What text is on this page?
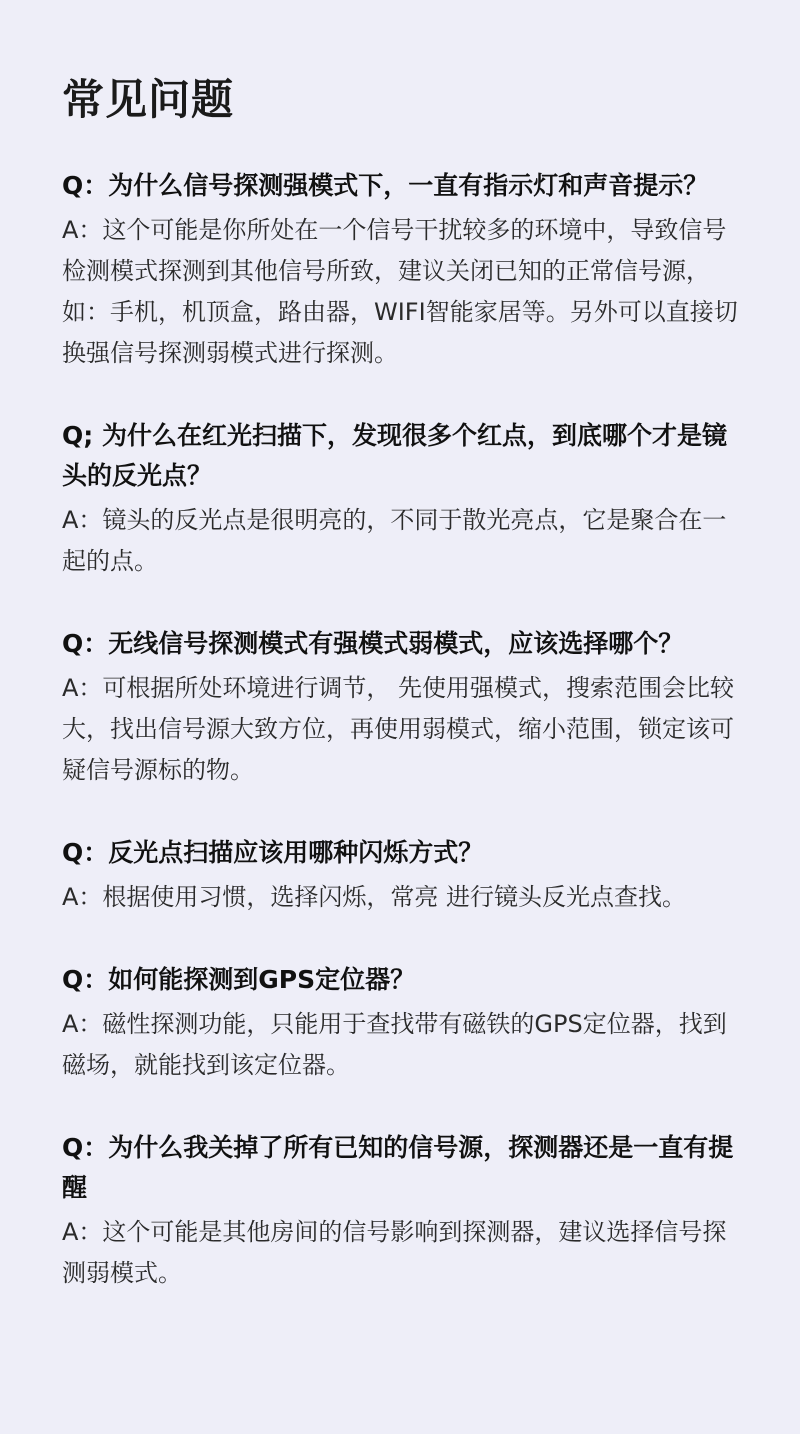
常见问题

Q：为什么信号探测强模式下，一直有指示灯和声音提示？

A：这个可能是你所处在一个信号干扰较多的环境中，导致信号检测模式探测到其他信号所致，建议关闭已知的正常信号源，如：手机，机顶盒，路由器，WIFI智能家居等。另外可以直接切换强信号探测弱模式进行探测。

Q; 为什么在红光扫描下，发现很多个红点，到底哪个才是镜头的反光点？

A：镜头的反光点是很明亮的，不同于散光亮点，它是聚合在一起的点。

Q：无线信号探测模式有强模式弱模式，应该选择哪个？

A：可根据所处环境进行调节， 先使用强模式，搜索范围会比较大，找出信号源大致方位，再使用弱模式，缩小范围，锁定该可疑信号源标的物。

Q：反光点扫描应该用哪种闪烁方式？

A：根据使用习惯，选择闪烁，常亮 进行镜头反光点查找。

Q：如何能探测到GPS定位器？

A：磁性探测功能，只能用于查找带有磁铁的GPS定位器，找到磁场，就能找到该定位器。

Q：为什么我关掉了所有已知的信号源，探测器还是一直有提醒

A：这个可能是其他房间的信号影响到探测器，建议选择信号探测弱模式。
